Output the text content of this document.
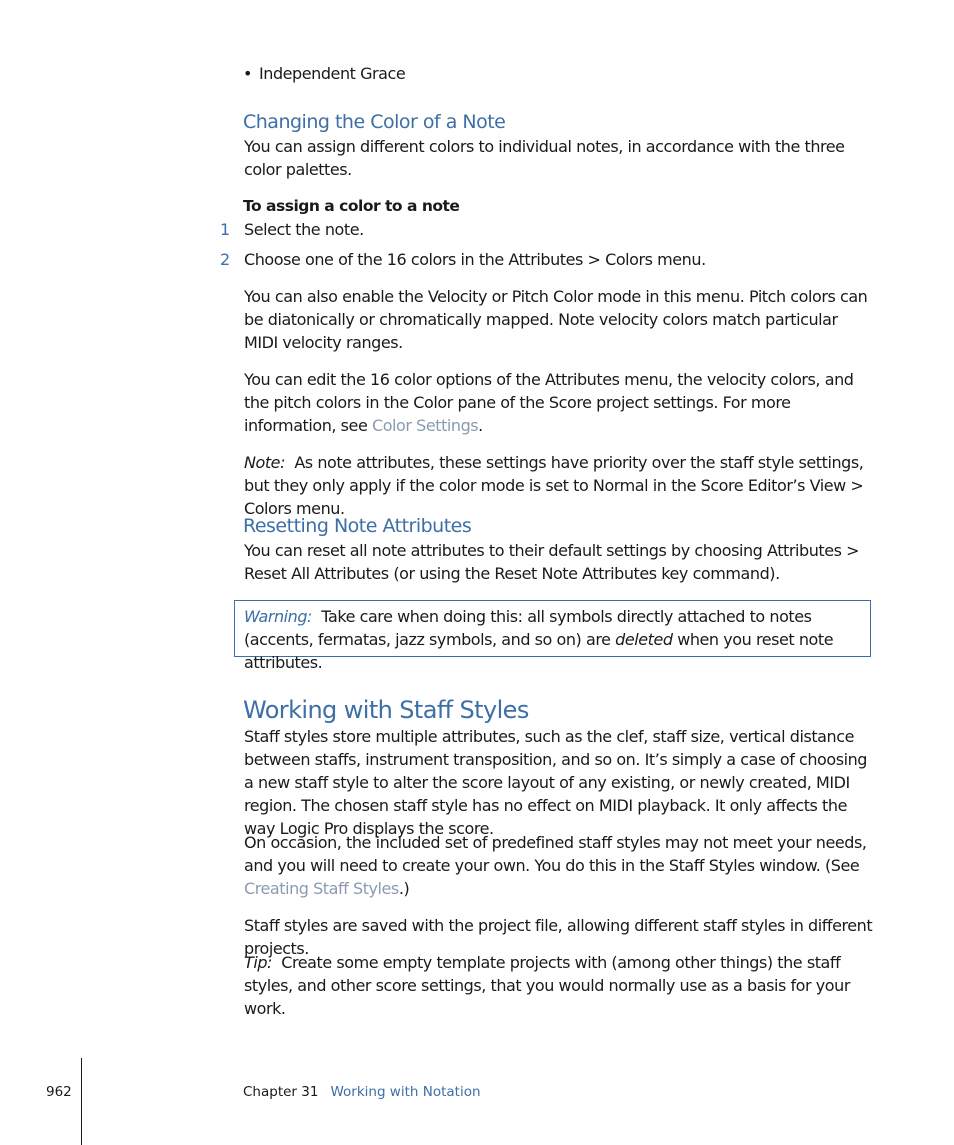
• Independent Grace
Changing the Color of a Note

You can assign different colors to individual notes, in accordance with the three color palettes.

To assign a color to a note
1 Select the note.
2 Choose one of the 16 colors in the Attributes > Colors menu.

You can also enable the Velocity or Pitch Color mode in this menu. Pitch colors can be diatonically or chromatically mapped. Note velocity colors match particular MIDI velocity ranges.

You can edit the 16 color options of the Attributes menu, the velocity colors, and the pitch colors in the Color pane of the Score project settings. For more information, see Color Settings.

Note: As note attributes, these settings have priority over the staff style settings, but they only apply if the color mode is set to Normal in the Score Editor’s View > Colors menu.

Resetting Note Attributes

You can reset all note attributes to their default settings by choosing Attributes > Reset All Attributes (or using the Reset Note Attributes key command).

Warning: Take care when doing this: all symbols directly attached to notes (accents, fermatas, jazz symbols, and so on) are deleted when you reset note attributes.

Working with Staff Styles

Staff styles store multiple attributes, such as the clef, staff size, vertical distance between staffs, instrument transposition, and so on. It’s simply a case of choosing a new staff style to alter the score layout of any existing, or newly created, MIDI region. The chosen staff style has no effect on MIDI playback. It only affects the way Logic Pro displays the score.

On occasion, the included set of predefined staff styles may not meet your needs, and you will need to create your own. You do this in the Staff Styles window. (See Creating Staff Styles.)

Staff styles are saved with the project file, allowing different staff styles in different projects.

Tip: Create some empty template projects with (among other things) the staff styles, and other score settings, that you would normally use as a basis for your work.

962	Chapter 31 Working with Notation
